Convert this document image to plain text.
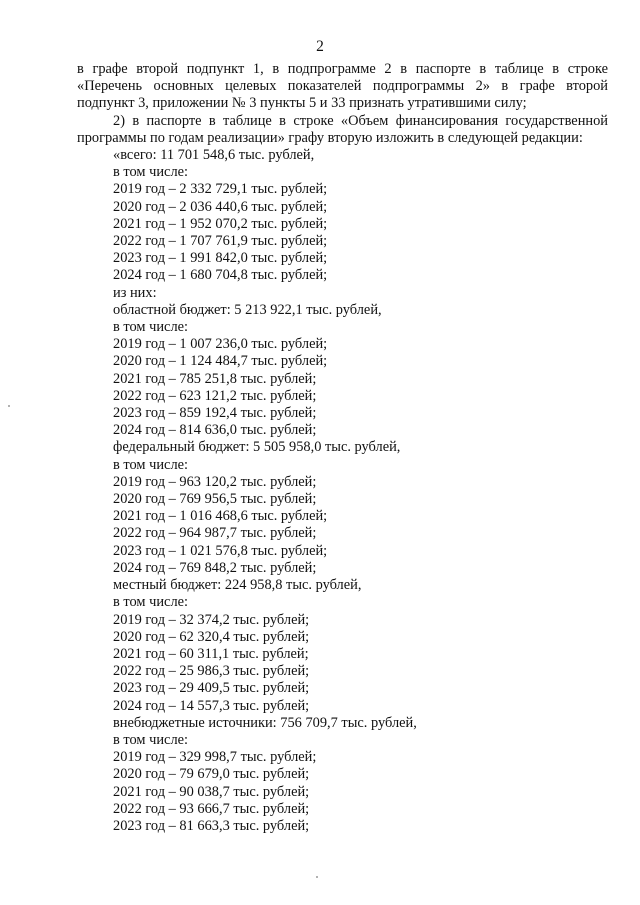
2

в графе второй подпункт 1, в подпрограмме 2 в паспорте в таблице в строке
«Перечень основных целевых показателей подпрограммы 2» в графе второй
подпункт 3, приложении № 3 пункты 5 и 33 признать утратившими силу;

2) в паспорте в таблице в строке «Объем финансирования государственной
программы по годам реализации» графу вторую изложить в следующей редакции:

«всего: 11 701 548,6 тыс. рублей,
в том числе:
2019 год – 2 332 729,1 тыс. рублей;
2020 год – 2 036 440,6 тыс. рублей;
2021 год – 1 952 070,2 тыс. рублей;
2022 год – 1 707 761,9 тыс. рублей;
2023 год – 1 991 842,0 тыс. рублей;
2024 год – 1 680 704,8 тыс. рублей;
из них:
областной бюджет: 5 213 922,1 тыс. рублей,
в том числе:
2019 год – 1 007 236,0 тыс. рублей;
2020 год – 1 124 484,7 тыс. рублей;
2021 год – 785 251,8 тыс. рублей;
2022 год – 623 121,2 тыс. рублей;
2023 год – 859 192,4 тыс. рублей;
2024 год – 814 636,0 тыс. рублей;
федеральный бюджет: 5 505 958,0 тыс. рублей,
в том числе:
2019 год – 963 120,2 тыс. рублей;
2020 год – 769 956,5 тыс. рублей;
2021 год – 1 016 468,6 тыс. рублей;
2022 год – 964 987,7 тыс. рублей;
2023 год – 1 021 576,8 тыс. рублей;
2024 год – 769 848,2 тыс. рублей;
местный бюджет: 224 958,8 тыс. рублей,
в том числе:
2019 год – 32 374,2 тыс. рублей;
2020 год – 62 320,4 тыс. рублей;
2021 год – 60 311,1 тыс. рублей;
2022 год – 25 986,3 тыс. рублей;
2023 год – 29 409,5 тыс. рублей;
2024 год – 14 557,3 тыс. рублей;
внебюджетные источники: 756 709,7 тыс. рублей,
в том числе:
2019 год – 329 998,7 тыс. рублей;
2020 год – 79 679,0 тыс. рублей;
2021 год – 90 038,7 тыс. рублей;
2022 год – 93 666,7 тыс. рублей;
2023 год – 81 663,3 тыс. рублей;
